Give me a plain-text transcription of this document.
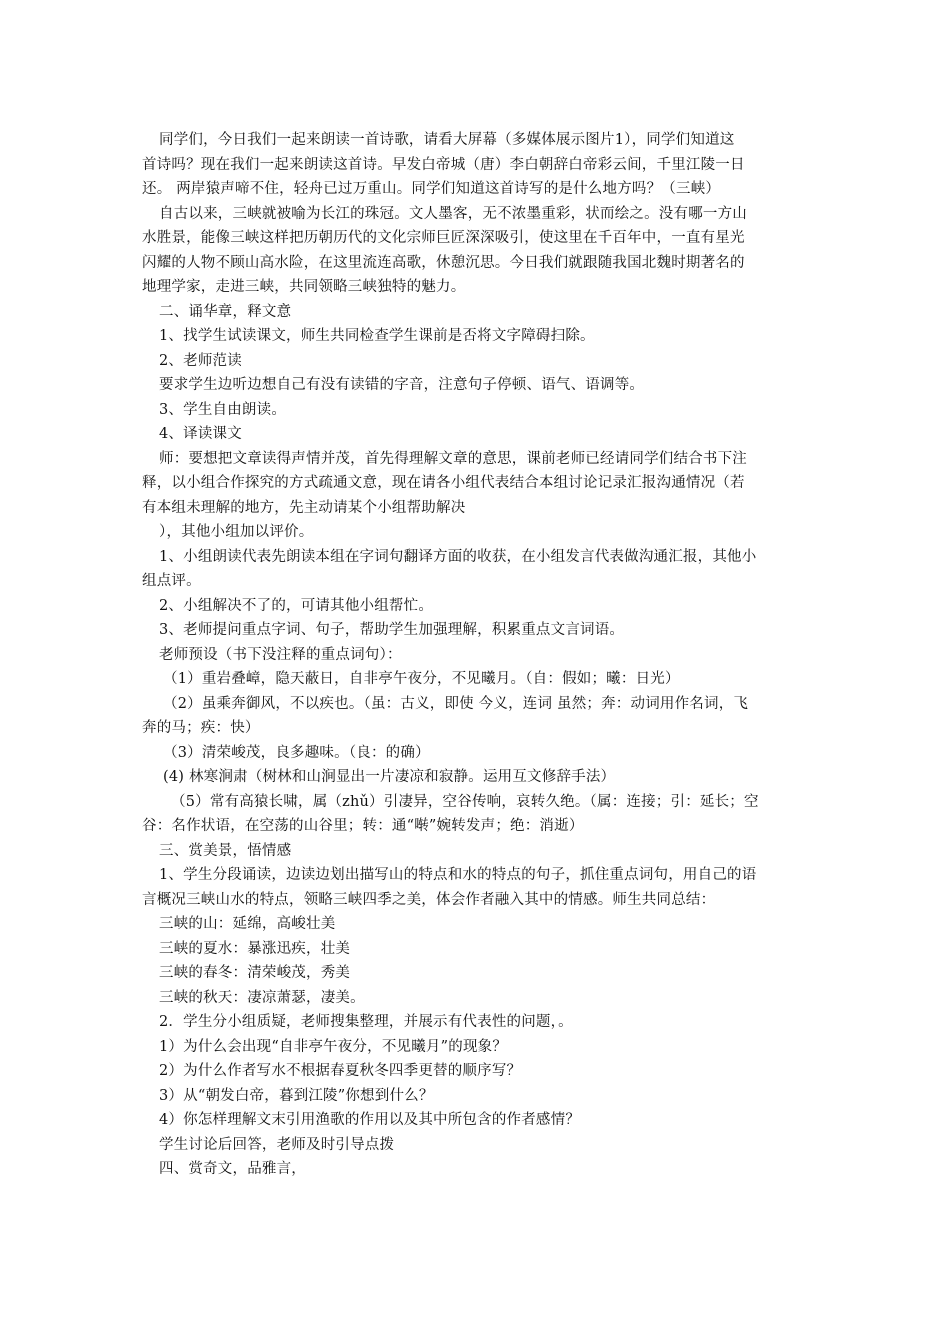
同学们，今日我们一起来朗读一首诗歌，请看大屏幕（多媒体展示图片1），同学们知道这
首诗吗？现在我们一起来朗读这首诗。早发白帝城（唐）李白朝辞白帝彩云间，千里江陵一日
还。 两岸猿声啼不住，轻舟已过万重山。同学们知道这首诗写的是什么地方吗？（三峡）
自古以来，三峡就被喻为长江的珠冠。文人墨客，无不浓墨重彩，状而绘之。没有哪一方山
水胜景，能像三峡这样把历朝历代的文化宗师巨匠深深吸引，使这里在千百年中，一直有星光
闪耀的人物不顾山高水险，在这里流连高歌，休憩沉思。今日我们就跟随我国北魏时期著名的
地理学家，走进三峡，共同领略三峡独特的魅力。
二、诵华章，释文意
1、找学生试读课文，师生共同检查学生课前是否将文字障碍扫除。
2、老师范读
要求学生边听边想自己有没有读错的字音，注意句子停顿、语气、语调等。
3、学生自由朗读。
4、译读课文
师：要想把文章读得声情并茂，首先得理解文章的意思，课前老师已经请同学们结合书下注
释，以小组合作探究的方式疏通文意，现在请各小组代表结合本组讨论记录汇报沟通情况（若
有本组未理解的地方，先主动请某个小组帮助解决
），其他小组加以评价。
1、小组朗读代表先朗读本组在字词句翻译方面的收获，在小组发言代表做沟通汇报，其他小
组点评。
2、小组解决不了的，可请其他小组帮忙。
3、老师提问重点字词、句子，帮助学生加强理解，积累重点文言词语。
老师预设（书下没注释的重点词句）：
（1）重岩叠嶂，隐天蔽日，自非亭午夜分，不见曦月。（自：假如；曦：日光）
（2）虽乘奔御风，不以疾也。（虽：古义，即使 今义，连词 虽然；奔：动词用作名词，飞
奔的马；疾：快）
（3）清荣峻茂，良多趣味。（良：的确）
(4) 林寒涧肃（树林和山涧显出一片凄凉和寂静。运用互文修辞手法）
（5）常有高猿长啸，属（zhǔ）引凄异，空谷传响，哀转久绝。（属：连接；引：延长；空
谷：名作状语，在空荡的山谷里；转：通“啭”婉转发声；绝：消逝）
三、赏美景，悟情感
1、学生分段诵读，边读边划出描写山的特点和水的特点的句子，抓住重点词句，用自己的语
言概况三峡山水的特点，领略三峡四季之美，体会作者融入其中的情感。师生共同总结：
三峡的山：延绵，高峻壮美
三峡的夏水：暴涨迅疾，壮美
三峡的春冬：清荣峻茂，秀美
三峡的秋天：凄凉萧瑟，凄美。
2．学生分小组质疑，老师搜集整理，并展示有代表性的问题，。
1）为什么会出现“自非亭午夜分，不见曦月”的现象？
2）为什么作者写水不根据春夏秋冬四季更替的顺序写？
3）从“朝发白帝，暮到江陵”你想到什么？
4）你怎样理解文末引用渔歌的作用以及其中所包含的作者感情？
学生讨论后回答，老师及时引导点拨
四、赏奇文，品雅言，
